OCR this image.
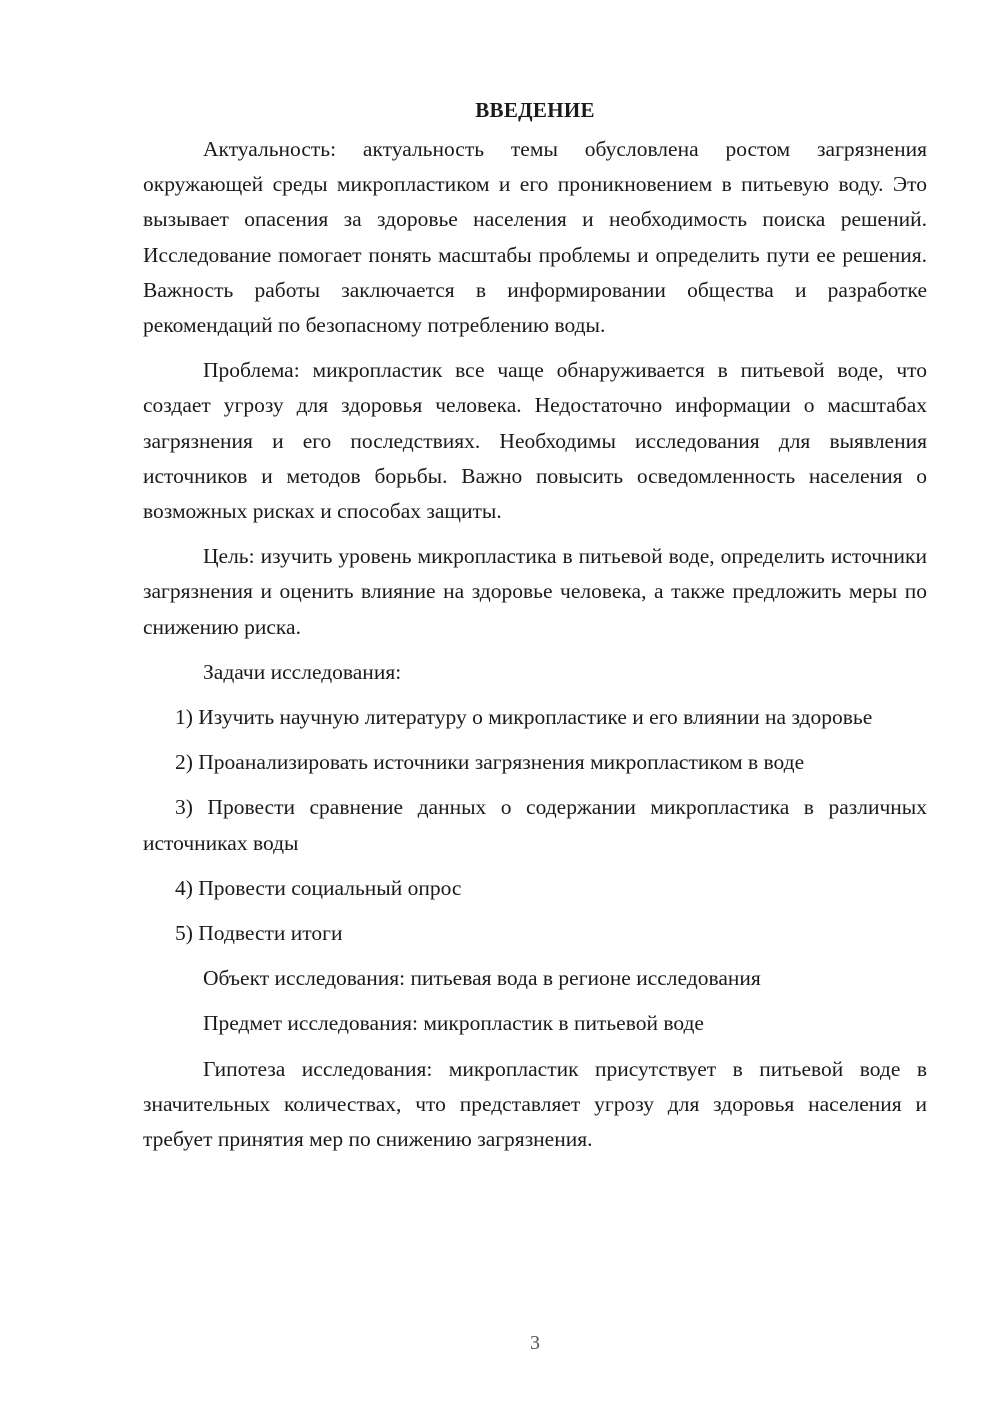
ВВЕДЕНИЕ

Актуальность: актуальность темы обусловлена ростом загрязнения окружающей среды микропластиком и его проникновением в питьевую воду. Это вызывает опасения за здоровье населения и необходимость поиска решений. Исследование помогает понять масштабы проблемы и определить пути ее решения. Важность работы заключается в информировании общества и разработке рекомендаций по безопасному потреблению воды.

Проблема: микропластик все чаще обнаруживается в питьевой воде, что создает угрозу для здоровья человека. Недостаточно информации о масштабах загрязнения и его последствиях. Необходимы исследования для выявления источников и методов борьбы. Важно повысить осведомленность населения о возможных рисках и способах защиты.

Цель: изучить уровень микропластика в питьевой воде, определить источники загрязнения и оценить влияние на здоровье человека, а также предложить меры по снижению риска.

Задачи исследования:

1) Изучить научную литературу о микропластике и его влиянии на здоровье

2) Проанализировать источники загрязнения микропластиком в воде

3) Провести сравнение данных о содержании микропластика в различных источниках воды

4) Провести социальный опрос

5) Подвести итоги

Объект исследования: питьевая вода в регионе исследования

Предмет исследования: микропластик в питьевой воде

Гипотеза исследования: микропластик присутствует в питьевой воде в значительных количествах, что представляет угрозу для здоровья населения и требует принятия мер по снижению загрязнения.

3
